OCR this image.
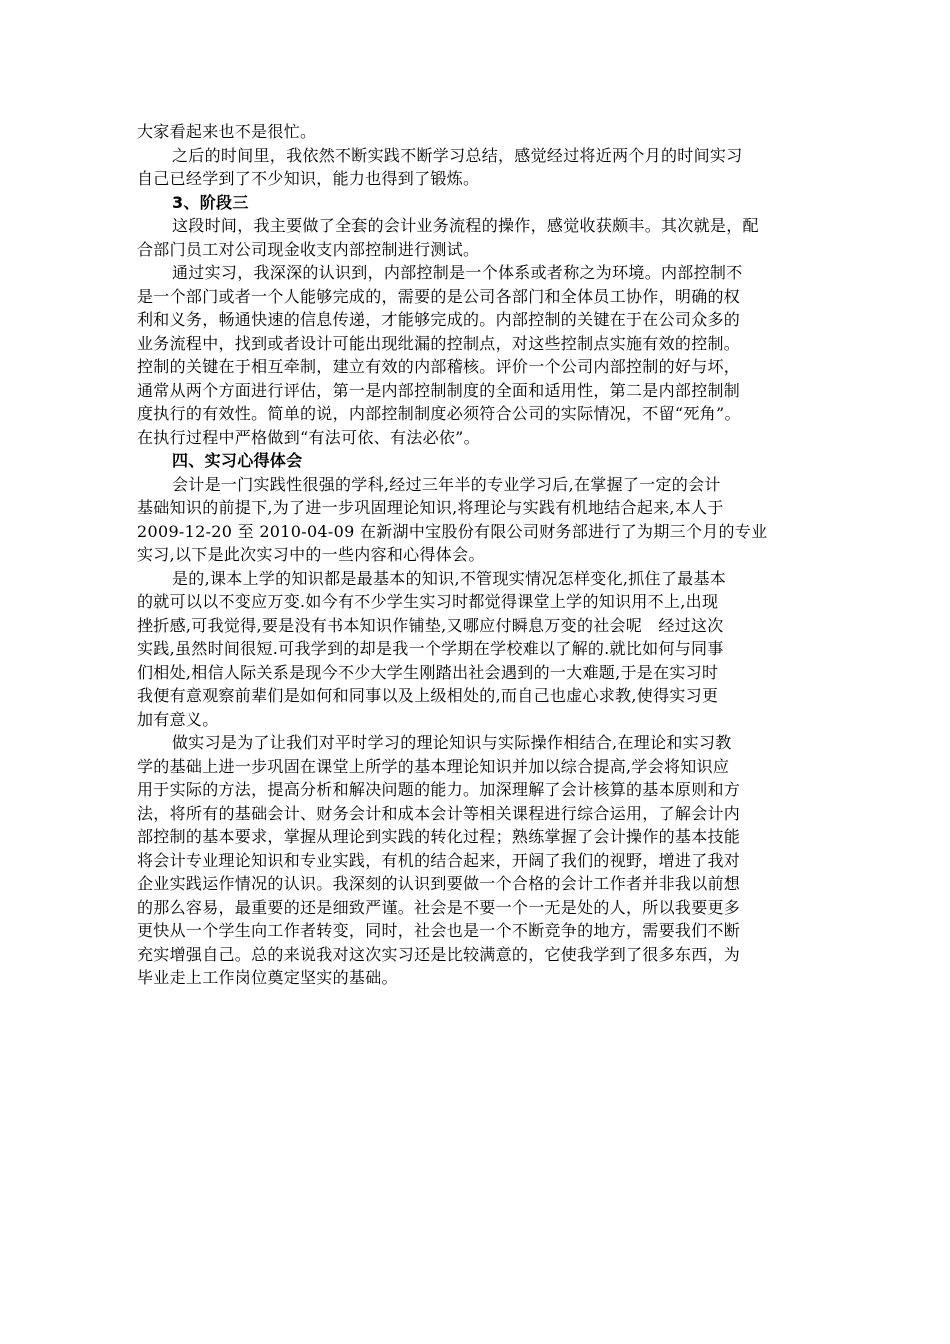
大家看起来也不是很忙。
之后的时间里，我依然不断实践不断学习总结，感觉经过将近两个月的时间实习
自己已经学到了不少知识，能力也得到了锻炼。
3、阶段三
这段时间，我主要做了全套的会计业务流程的操作，感觉收获颇丰。其次就是，配
合部门员工对公司现金收支内部控制进行测试。
通过实习，我深深的认识到，内部控制是一个体系或者称之为环境。内部控制不
是一个部门或者一个人能够完成的，需要的是公司各部门和全体员工协作，明确的权
利和义务，畅通快速的信息传递，才能够完成的。内部控制的关键在于在公司众多的
业务流程中，找到或者设计可能出现纰漏的控制点，对这些控制点实施有效的控制。
控制的关键在于相互牵制，建立有效的内部稽核。评价一个公司内部控制的好与坏，
通常从两个方面进行评估，第一是内部控制制度的全面和适用性，第二是内部控制制
度执行的有效性。简单的说，内部控制制度必须符合公司的实际情况，不留“死角”。
在执行过程中严格做到“有法可依、有法必依”。
四、实习心得体会
会计是一门实践性很强的学科,经过三年半的专业学习后,在掌握了一定的会计
基础知识的前提下,为了进一步巩固理论知识,将理论与实践有机地结合起来,本人于
2009-12-20 至 2010-04-09 在新湖中宝股份有限公司财务部进行了为期三个月的专业
实习,以下是此次实习中的一些内容和心得体会。
是的,课本上学的知识都是最基本的知识,不管现实情况怎样变化,抓住了最基本
的就可以以不变应万变.如今有不少学生实习时都觉得课堂上学的知识用不上,出现
挫折感,可我觉得,要是没有书本知识作铺垫,又哪应付瞬息万变的社会呢   经过这次
实践,虽然时间很短.可我学到的却是我一个学期在学校难以了解的.就比如何与同事
们相处,相信人际关系是现今不少大学生刚踏出社会遇到的一大难题,于是在实习时
我便有意观察前辈们是如何和同事以及上级相处的,而自己也虚心求教,使得实习更
加有意义。
做实习是为了让我们对平时学习的理论知识与实际操作相结合,在理论和实习教
学的基础上进一步巩固在课堂上所学的基本理论知识并加以综合提高,学会将知识应
用于实际的方法，提高分析和解决问题的能力。加深理解了会计核算的基本原则和方
法，将所有的基础会计、财务会计和成本会计等相关课程进行综合运用，了解会计内
部控制的基本要求，掌握从理论到实践的转化过程；熟练掌握了会计操作的基本技能
将会计专业理论知识和专业实践，有机的结合起来，开阔了我们的视野，增进了我对
企业实践运作情况的认识。我深刻的认识到要做一个合格的会计工作者并非我以前想
的那么容易，最重要的还是细致严谨。社会是不要一个一无是处的人，所以我要更多
更快从一个学生向工作者转变，同时，社会也是一个不断竞争的地方，需要我们不断
充实增强自己。总的来说我对这次实习还是比较满意的，它使我学到了很多东西，为
毕业走上工作岗位奠定坚实的基础。
